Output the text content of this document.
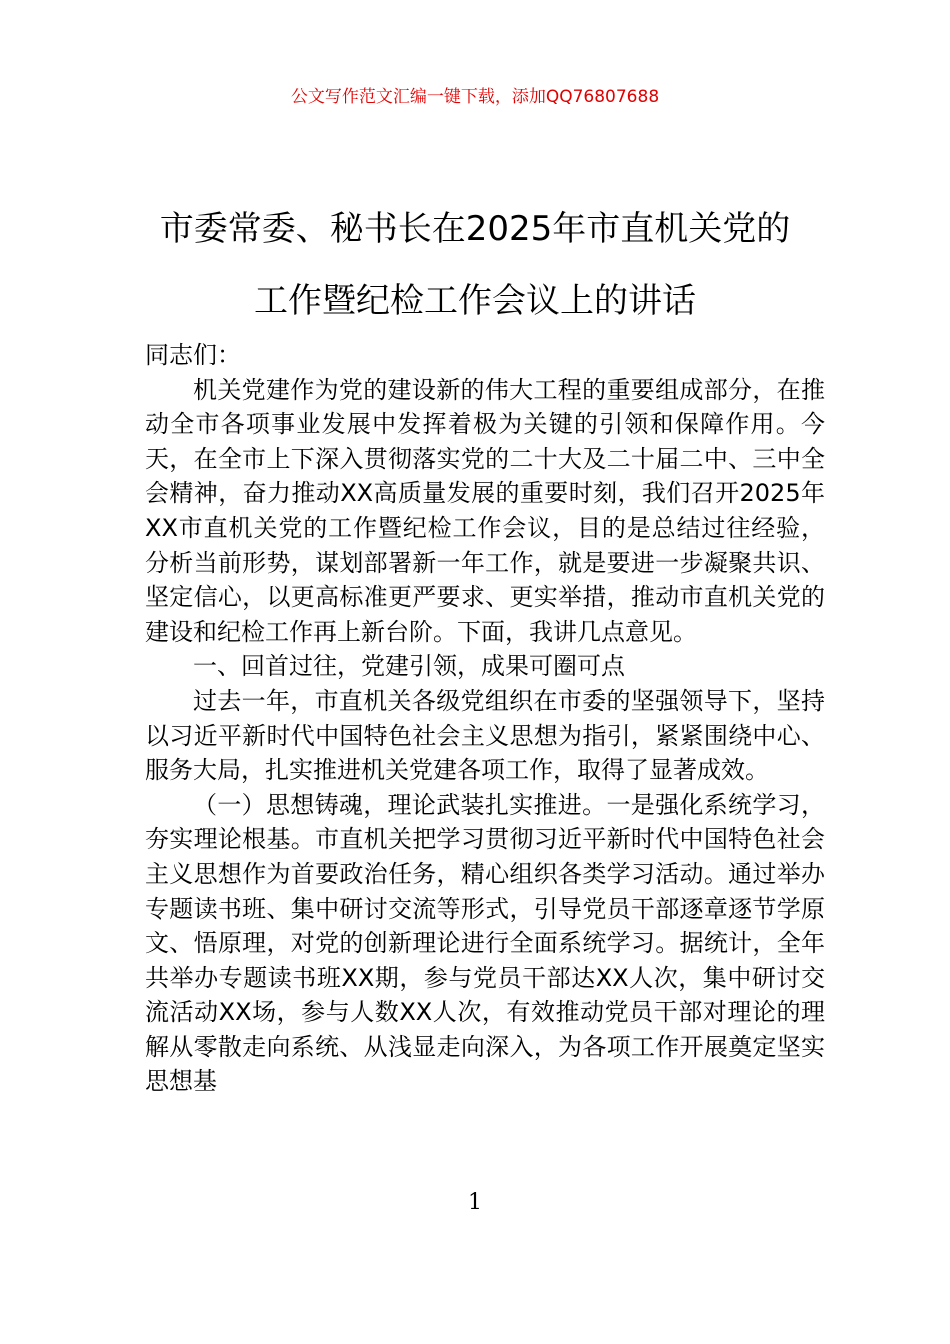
公文写作范文汇编一键下载，添加QQ76807688
市委常委、秘书长在2025年市直机关党的
工作暨纪检工作会议上的讲话

同志们：

机关党建作为党的建设新的伟大工程的重要组成部分，在推动全市各项事业发展中发挥着极为关键的引领和保障作用。今天，在全市上下深入贯彻落实党的二十大及二十届二中、三中全会精神，奋力推动XX高质量发展的重要时刻，我们召开2025年XX市直机关党的工作暨纪检工作会议，目的是总结过往经验，分析当前形势，谋划部署新一年工作，就是要进一步凝聚共识、坚定信心，以更高标准更严要求、更实举措，推动市直机关党的建设和纪检工作再上新台阶。下面，我讲几点意见。

一、回首过往，党建引领，成果可圈可点

过去一年，市直机关各级党组织在市委的坚强领导下，坚持以习近平新时代中国特色社会主义思想为指引，紧紧围绕中心、服务大局，扎实推进机关党建各项工作，取得了显著成效。

（一）思想铸魂，理论武装扎实推进。一是强化系统学习，夯实理论根基。市直机关把学习贯彻习近平新时代中国特色社会主义思想作为首要政治任务，精心组织各类学习活动。通过举办专题读书班、集中研讨交流等形式，引导党员干部逐章逐节学原文、悟原理，对党的创新理论进行全面系统学习。据统计，全年共举办专题读书班XX期，参与党员干部达XX人次，集中研讨交流活动XX场，参与人数XX人次，有效推动党员干部对理论的理解从零散走向系统、从浅显走向深入，为各项工作开展奠定坚实思想基

1
